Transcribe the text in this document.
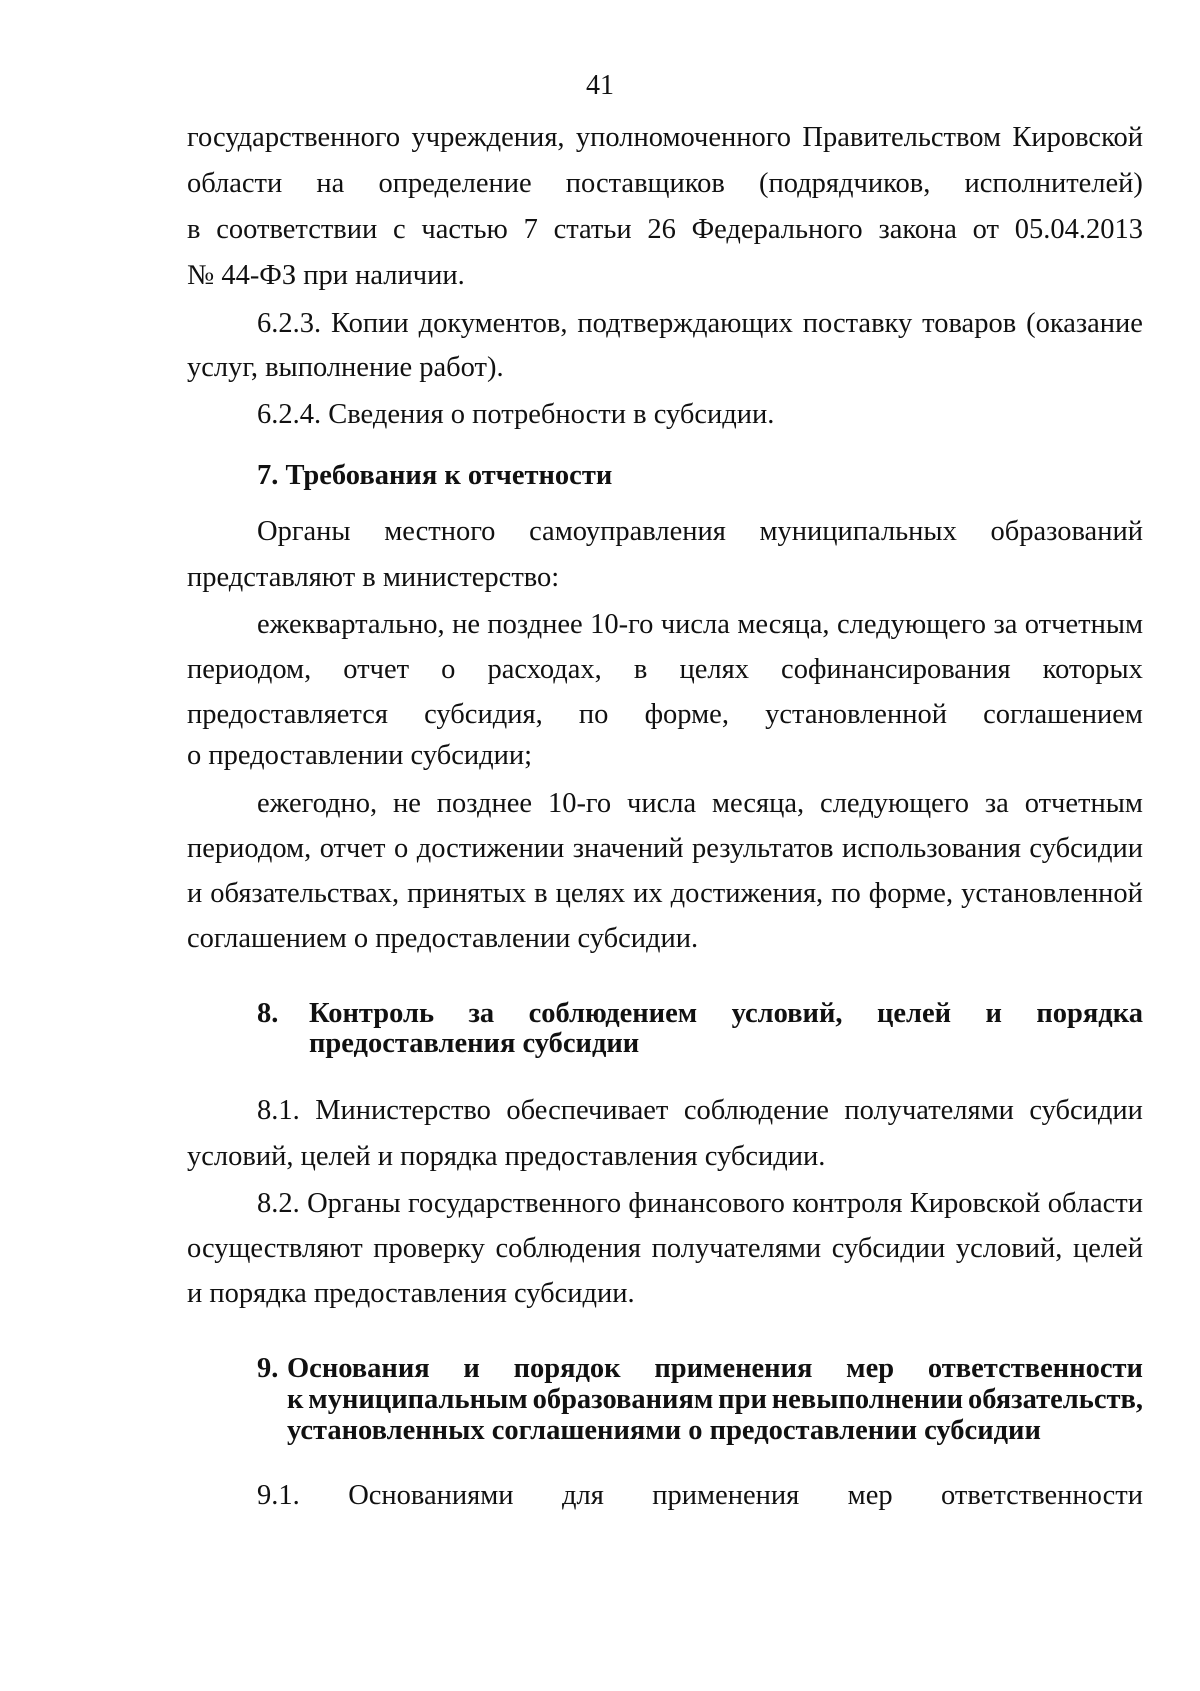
41
государственного учреждения, уполномоченного Правительством Кировской
области на определение поставщиков (подрядчиков, исполнителей)
в соответствии с частью 7 статьи 26 Федерального закона от 05.04.2013
№ 44-ФЗ при наличии.
6.2.3. Копии документов, подтверждающих поставку товаров (оказание
услуг, выполнение работ).
6.2.4. Сведения о потребности в субсидии.
7. Требования к отчетности
Органы местного самоуправления муниципальных образований
представляют в министерство:
ежеквартально, не позднее 10-го числа месяца, следующего за отчетным
периодом, отчет о расходах, в целях софинансирования которых
предоставляется субсидия, по форме, установленной соглашением
о предоставлении субсидии;
ежегодно, не позднее 10-го числа месяца, следующего за отчетным
периодом, отчет о достижении значений результатов использования субсидии
и обязательствах, принятых в целях их достижения, по форме, установленной
соглашением о предоставлении субсидии.
8.	Контроль за соблюдением условий, целей и порядка
предоставления субсидии
8.1. Министерство обеспечивает соблюдение получателями субсидии
условий, целей и порядка предоставления субсидии.
8.2. Органы государственного финансового контроля Кировской области
осуществляют проверку соблюдения получателями субсидии условий, целей
и порядка предоставления субсидии.
9. Основания и порядок применения мер ответственности
к муниципальным образованиям при невыполнении обязательств,
установленных соглашениями о предоставлении субсидии
9.1. Основаниями для применения мер ответственности
